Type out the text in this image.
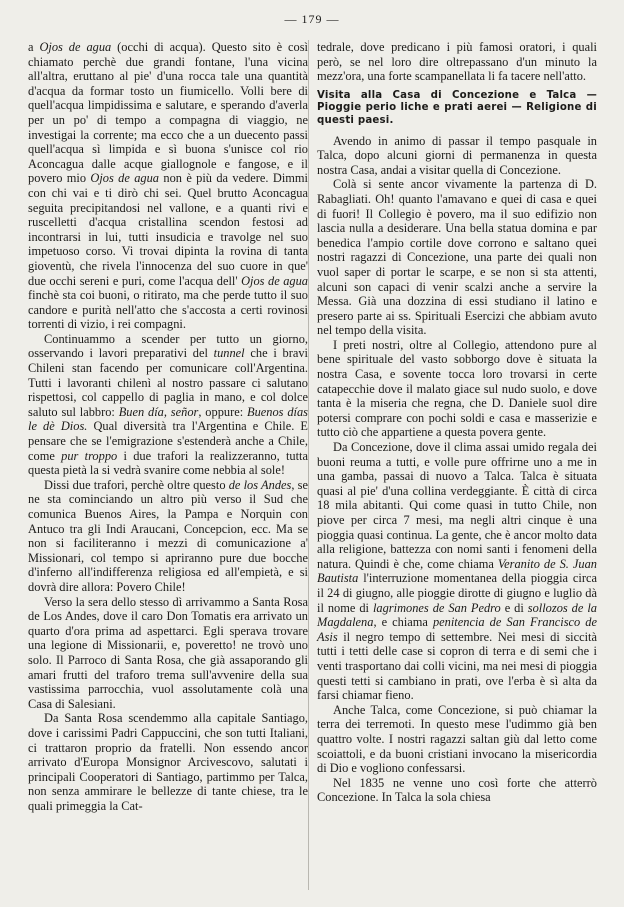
— 179 —

a Ojos de agua (occhi di acqua). Questo sito è così chiamato perchè due grandi fontane, l'una vicina all'altra, eruttano al pie' d'una rocca tale una quantità d'acqua da formar tosto un fiumicello. Volli bere di quell'acqua limpidissima e salutare, e sperando d'averla per un po' di tempo a compagna di viaggio, ne investigai la corrente; ma ecco che a un duecento passi quell'acqua sì limpida e sì buona s'unisce col rio Aconcagua dalle acque giallognole e fangose, e il povero mio Ojos de agua non è più da vedere. Dimmi con chi vai e ti dirò chi sei. Quel brutto Aconcagua seguita precipitandosi nel vallone, e a quanti rivi e ruscelletti d'acqua cristallina scendon festosi ad incontrarsi in lui, tutti insudicia e travolge nel suo impetuoso corso. Vi trovai dipinta la rovina di tanta gioventù, che rivela l'innocenza del suo cuore in que' due occhi sereni e puri, come l'acqua dell' Ojos de agua finchè sta coi buoni, o ritirato, ma che perde tutto il suo candore e purità nell'atto che s'accosta a certi rovinosi torrenti di vizio, i rei compagni.

Continuammo a scender per tutto un giorno, osservando i lavori preparativi del tunnel che i bravi Chileni stan facendo per comunicare coll'Argentina. Tutti i lavoranti chilenì al nostro passare ci salutano rispettosi, col cappello di paglia in mano, e col dolce saluto sul labbro: Buen día, señor, oppure: Buenos días le dè Dios. Qual diversità tra l'Argentina e Chile. E pensare che se l'emigrazione s'estenderà anche a Chile, come pur troppo i due trafori la realizzeranno, tutta questa pietà la si vedrà svanire come nebbia al sole!

Dissi due trafori, perchè oltre questo de los Andes, se ne sta cominciando un altro più verso il Sud che comunica Buenos Aires, la Pampa e Norquin con Antuco tra gli Indi Araucani, Concepcion, ecc. Ma se non si faciliteranno i mezzi di comunicazione a' Missionari, col tempo si apriranno pure due bocche d'inferno all'indifferenza religiosa ed all'empietà, e si dovrà dire allora: Povero Chile!

Verso la sera dello stesso dì arrivammo a Santa Rosa de Los Andes, dove il caro Don Tomatis era arrivato un quarto d'ora prima ad aspettarci. Egli sperava trovare una legione di Missionarii, e, poveretto! ne trovò uno solo. Il Parroco di Santa Rosa, che già assaporando gli amari frutti del traforo trema sull'avvenire della sua vastissima parrocchia, vuol assolutamente colà una Casa di Salesiani.

Da Santa Rosa scendemmo alla capitale Santiago, dove i carissimi Padri Cappuccini, che son tutti Italiani, ci trattaron proprio da fratelli. Non essendo ancor arrivato d'Europa Monsignor Arcivescovo, salutati i principali Cooperatori di Santiago, partimmo per Talca, non senza ammirare le bellezze di tante chiese, tra le quali primeggia la Cat-

tedrale, dove predicano i più famosi oratori, i quali però, se nel loro dire oltrepassano d'un minuto la mezz'ora, una forte scampanellata li fa tacere nell'atto.

Visita alla Casa di Concezione e Talca — Pioggie perio liche e prati aerei — Religione di questi paesi.

Avendo in animo di passar il tempo pasquale in Talca, dopo alcuni giorni di permanenza in questa nostra Casa, andai a visitar quella di Concezione.

Colà si sente ancor vivamente la partenza di D. Rabagliati. Oh! quanto l'amavano e quei di casa e quei di fuori! Il Collegio è povero, ma il suo edifizio non lascia nulla a desiderare. Una bella statua domina e par benedica l'ampio cortile dove corrono e saltano quei nostri ragazzi di Concezione, una parte dei quali non vuol saper di portar le scarpe, e se non si sta attenti, alcuni son capaci di venir scalzi anche a servire la Messa. Già una dozzina di essi studiano il latino e presero parte ai ss. Spirituali Esercizi che abbiam avuto nel tempo della visita.

I preti nostri, oltre al Collegio, attendono pure al bene spirituale del vasto sobborgo dove è situata la nostra Casa, e sovente tocca loro trovarsi in certe catapecchie dove il malato giace sul nudo suolo, e dove tanta è la miseria che regna, che D. Daniele suol dire potersi comprare con pochi soldi e casa e masserizie e tutto ciò che appartiene a questa povera gente.

Da Concezione, dove il clima assai umido regala dei buoni reuma a tutti, e volle pure offrirne uno a me in una gamba, passai di nuovo a Talca. Talca è situata quasi al pie' d'una collina verdeggiante. È città di circa 18 mila abitanti. Qui come quasi in tutto Chile, non piove per circa 7 mesi, ma negli altri cinque è una pioggia quasi continua. La gente, che è ancor molto data alla religione, battezza con nomi santi i fenomeni della natura. Quindi è che, come chiama Veranito de S. Juan Bautista l'interruzione momentanea della pioggia circa il 24 di giugno, alle pioggie dirotte di giugno e luglio dà il nome di lagrimones de San Pedro e di sollozos de la Magdalena, e chiama penitencia de San Francisco de Asis il negro tempo di settembre. Nei mesi di siccità tutti i tetti delle case si copron di terra e di semi che i venti trasportano dai colli vicini, ma nei mesi di pioggia questi tetti si cambiano in prati, ove l'erba è sì alta da farsi chiamar fieno.

Anche Talca, come Concezione, si può chiamar la terra dei terremoti. In questo mese l'udimmo già ben quattro volte. I nostri ragazzi saltan giù dal letto come scoiattoli, e da buoni cristiani invocano la misericordia di Dio e vogliono confessarsi.

Nel 1835 ne venne uno così forte che atterrò Concezione. In Talca la sola chiesa
